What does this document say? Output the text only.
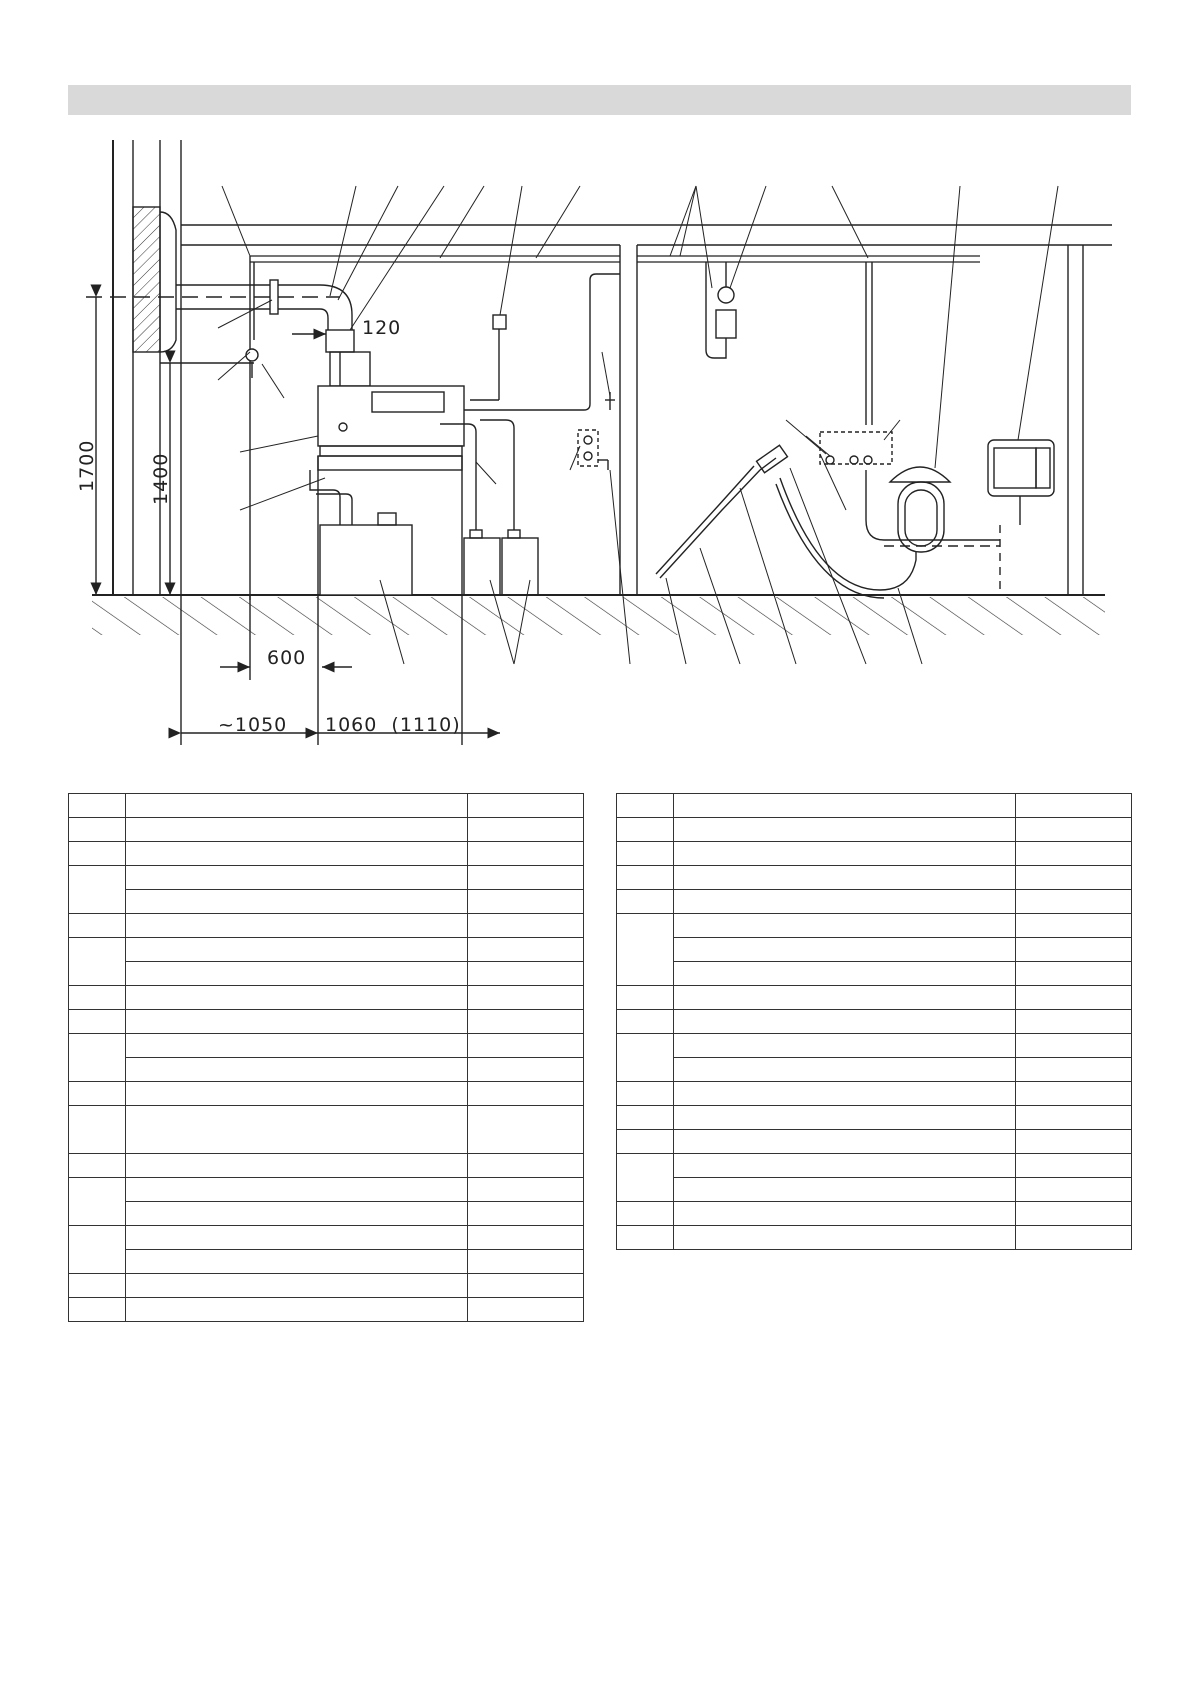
1700	1400
120
600
~1050 1060  (1110)
